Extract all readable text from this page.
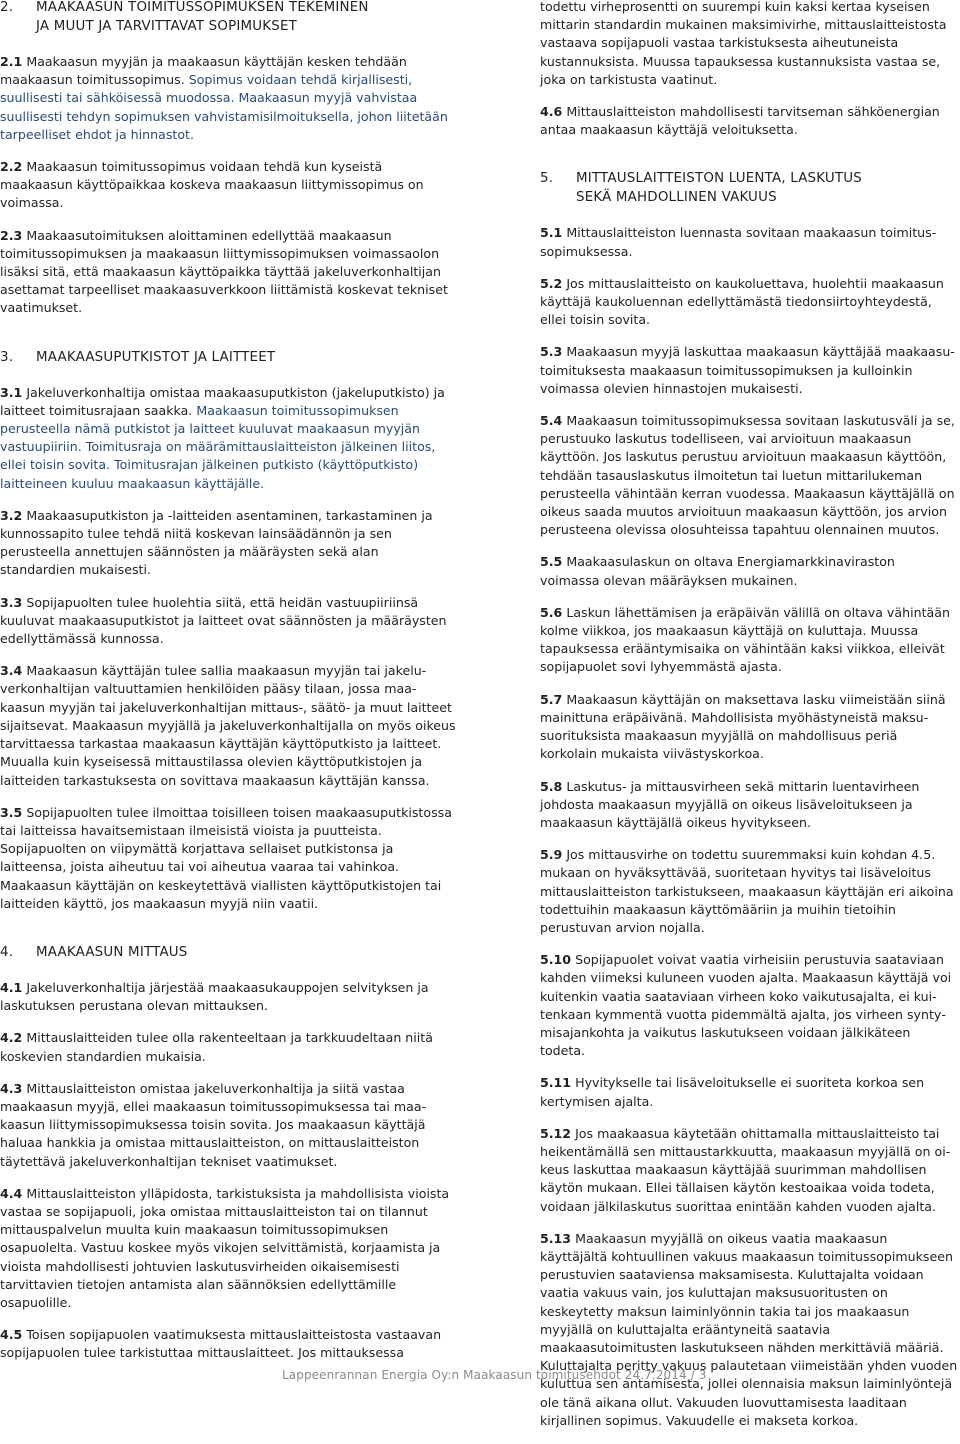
2.	MAAKAASUN TOIMITUSSOPIMUKSEN TEKEMINEN
JA MUUT JA TARVITTAVAT SOPIMUKSET
2.1 Maakaasun myyjän ja maakaasun käyttäjän kesken tehdään maakaasun toimitussopimus. Sopimus voidaan tehdä kirjallisesti, suullisesti tai sähköisessä muodossa. Maakaasun myyjä vahvistaa suullisesti tehdyn sopimuksen vahvistamisilmoituksella, johon liitetään tarpeelliset ehdot ja hinnastot.
2.2 Maakaasun toimitussopimus voidaan tehdä kun kyseistä maakaasun käyttöpaikkaa koskeva maakaasun liittymissopimus on voimassa.
2.3 Maakaasutoimituksen aloittaminen edellyttää maakaasun toimitussopimuksen ja maakaasun liittymissopimuksen voimassaolon lisäksi sitä, että maakaasun käyttöpaikka täyttää jakeluverkonhaltijan asettamat tarpeelliset maakaasuverkkoon liittämistä koskevat tekniset vaatimukset.
3.	MAAKAASUPUTKISTOT JA LAITTEET
3.1 Jakeluverkonhaltija omistaa maakaasuputkiston (jakeluputkisto) ja laitteet toimitusrajaan saakka. Maakaasun toimitussopimuksen perusteella nämä putkistot ja laitteet kuuluvat maakaasun myyjän vastuupiiriin. Toimitusraja on määrämittauslaitteiston jälkeinen liitos, ellei toisin sovita. Toimitusrajan jälkeinen putkisto (käyttöputkisto) laitteineen kuuluu maakaasun käyttäjälle.
3.2 Maakaasuputkiston ja -laitteiden asentaminen, tarkastaminen ja kunnossapito tulee tehdä niitä koskevan lainsäädännön ja sen perusteella annettujen säännösten ja määräysten sekä alan standardien mukaisesti.
3.3 Sopijapuolten tulee huolehtia siitä, että heidän vastuupiiriinsä kuuluvat maakaasuputkistot ja laitteet ovat säännösten ja määräysten edellyttämässä kunnossa.
3.4 Maakaasun käyttäjän tulee sallia maakaasun myyjän tai jakeluverkonhaltijan valtuuttamien henkilöiden pääsy tilaan, jossa maakaasun myyjän tai jakeluverkonhaltijan mittaus-, säätö- ja muut laitteet sijaitsevat. Maakaasun myyjällä ja jakeluverkonhaltijalla on myös oikeus tarvittaessa tarkastaa maakaasun käyttäjän käyttöputkisto ja laitteet. Muualla kuin kyseisessä mittaustilassa olevien käyttöputkistojen ja laitteiden tarkastuksesta on sovittava maakaasun käyttäjän kanssa.
3.5 Sopijapuolten tulee ilmoittaa toisilleen toisen maakaasuputkistossa tai laitteissa havaitsemistaan ilmeisistä vioista ja puutteista. Sopijapuolten on viipymättä korjattava sellaiset putkistonsa ja laitteensa, joista aiheutuu tai voi aiheutua vaaraa tai vahinkoa. Maakaasun käyttäjän on keskeytettävä viallisten käyttöputkistojen tai laitteiden käyttö, jos maakaasun myyjä niin vaatii.
4.	MAAKAASUN MITTAUS
4.1 Jakeluverkonhaltija järjestää maakaasukauppojen selvityksen ja laskutuksen perustana olevan mittauksen.
4.2 Mittauslaitteiden tulee olla rakenteeltaan ja tarkkuudeltaan niitä koskevien standardien mukaisia.
4.3 Mittauslaitteiston omistaa jakeluverkonhaltija ja siitä vastaa maakaasun myyjä, ellei maakaasun toimitussopimuksessa tai maakaasun liittymissopimuksessa toisin sovita. Jos maakaasun käyttäjä haluaa hankkia ja omistaa mittauslaitteiston, on mittauslaitteiston täytettävä jakeluverkonhaltijan tekniset vaatimukset.
4.4 Mittauslaitteiston ylläpidosta, tarkistuksista ja mahdollisista vioista vastaa se sopijapuoli, joka omistaa mittauslaitteiston tai on tilannut mittauspalvelun muulta kuin maakaasun toimitussopimuksen osapuolelta. Vastuu koskee myös vikojen selvittämistä, korjaamista ja vioista mahdollisesti johtuvien laskutusvirheiden oikaisemisesti tarvittavien tietojen antamista alan säännöksien edellyttämille osapuolille.
4.5 Toisen sopijapuolen vaatimuksesta mittauslaitteistosta vastaavan sopijapuolen tulee tarkistuttaa mittauslaitteet. Jos mittauksessa
todettu virheprosentti on suurempi kuin kaksi kertaa kyseisen mittarin standardin mukainen maksimivirhe, mittauslaitteistosta vastaava sopijapuoli vastaa tarkistuksesta aiheutuneista kustannuksista. Muussa tapauksessa kustannuksista vastaa se, joka on tarkistusta vaatinut.
4.6 Mittauslaitteiston mahdollisesti tarvitseman sähköenergian antaa maakaasun käyttäjä veloituksetta.
5.	MITTAUSLAITTEISTON LUENTA, LASKUTUS
SEKÄ MAHDOLLINEN VAKUUS
5.1 Mittauslaitteiston luennasta sovitaan maakaasun toimitussopimuksessa.
5.2 Jos mittauslaitteisto on kaukoluettava, huolehtii maakaasun käyttäjä kaukoluennan edellyttämästä tiedonsiirtoyhteydestä, ellei toisin sovita.
5.3 Maakaasun myyjä laskuttaa maakaasun käyttäjää maakaasutoimituksesta maakaasun toimitussopimuksen ja kulloinkin voimassa olevien hinnastojen mukaisesti.
5.4 Maakaasun toimitussopimuksessa sovitaan laskutusväli ja se, perustuuko laskutus todelliseen, vai arvioituun maakaasun käyttöön. Jos laskutus perustuu arvioituun maakaasun käyttöön, tehdään tasauslaskutus ilmoitetun tai luetun mittarilukeman perusteella vähintään kerran vuodessa. Maakaasun käyttäjällä on oikeus saada muutos arvioituun maakaasun käyttöön, jos arvion perusteena olevissa olosuhteissa tapahtuu olennainen muutos.
5.5 Maakaasulaskun on oltava Energiamarkkinaviraston voimassa olevan määräyksen mukainen.
5.6 Laskun lähettämisen ja eräpäivän välillä on oltava vähintään kolme viikkoa, jos maakaasun käyttäjä on kuluttaja. Muussa tapauksessa erääntymisaika on vähintään kaksi viikkoa, elleivät sopijapuolet sovi lyhyemmästä ajasta.
5.7 Maakaasun käyttäjän on maksettava lasku viimeistään siinä mainittuna eräpäivänä. Mahdollisista myöhästyneistä maksusuorituksista maakaasun myyjällä on mahdollisuus periä korkolain mukaista viivästyskorkoa.
5.8 Laskutus- ja mittausvirheen sekä mittarin luentavirheen johdosta maakaasun myyjällä on oikeus lisäveloitukseen ja maakaasun käyttäjällä oikeus hyvitykseen.
5.9 Jos mittausvirhe on todettu suuremmaksi kuin kohdan 4.5. mukaan on hyväksyttävää, suoritetaan hyvitys tai lisäveloitus mittauslaitteiston tarkistukseen, maakaasun käyttäjän eri aikoina todettuihin maakaasun käyttömääriin ja muihin tietoihin perustuvan arvion nojalla.
5.10 Sopijapuolet voivat vaatia virheisiin perustuvia saataviaan kahden viimeksi kuluneen vuoden ajalta. Maakaasun käyttäjä voi kuitenkin vaatia saataviaan virheen koko vaikutusajalta, ei kuitenkaan kymmentä vuotta pidemmältä ajalta, jos virheen syntymisajankohta ja vaikutus laskutukseen voidaan jälkikäteen todeta.
5.11 Hyvitykselle tai lisäveloitukselle ei suoriteta korkoa sen kertymisen ajalta.
5.12 Jos maakaasua käytetään ohittamalla mittauslaitteisto tai heikentämällä sen mittaustarkkuutta, maakaasun myyjällä on oikeus laskuttaa maakaasun käyttäjää suurimman mahdollisen käytön mukaan. Ellei tällaisen käytön kestoaikaa voida todeta, voidaan jälkilaskutus suorittaa enintään kahden vuoden ajalta.
5.13 Maakaasun myyjällä on oikeus vaatia maakaasun käyttäjältä kohtuullinen vakuus maakaasun toimitussopimukseen perustuvien saataviensa maksamisesta. Kuluttajalta voidaan vaatia vakuus vain, jos kuluttajan maksusuoritusten on keskeytetty maksun laiminlyönnin takia tai jos maakaasun myyjällä on kuluttajalta erääntyneitä saatavia maakaasutoimitusten laskutukseen nähden merkittäviä määriä. Kuluttajalta peritty vakuus palautetaan viimeistään yhden vuoden kuluttua sen antamisesta, jollei olennaisia maksun laiminlyöntejä ole tänä aikana ollut. Vakuuden luovuttamisesta laaditaan kirjallinen sopimus. Vakuudelle ei makseta korkoa.
Lappeenrannan Energia Oy:n Maakaasun toimitusehdot 24.7.2014 / 3
